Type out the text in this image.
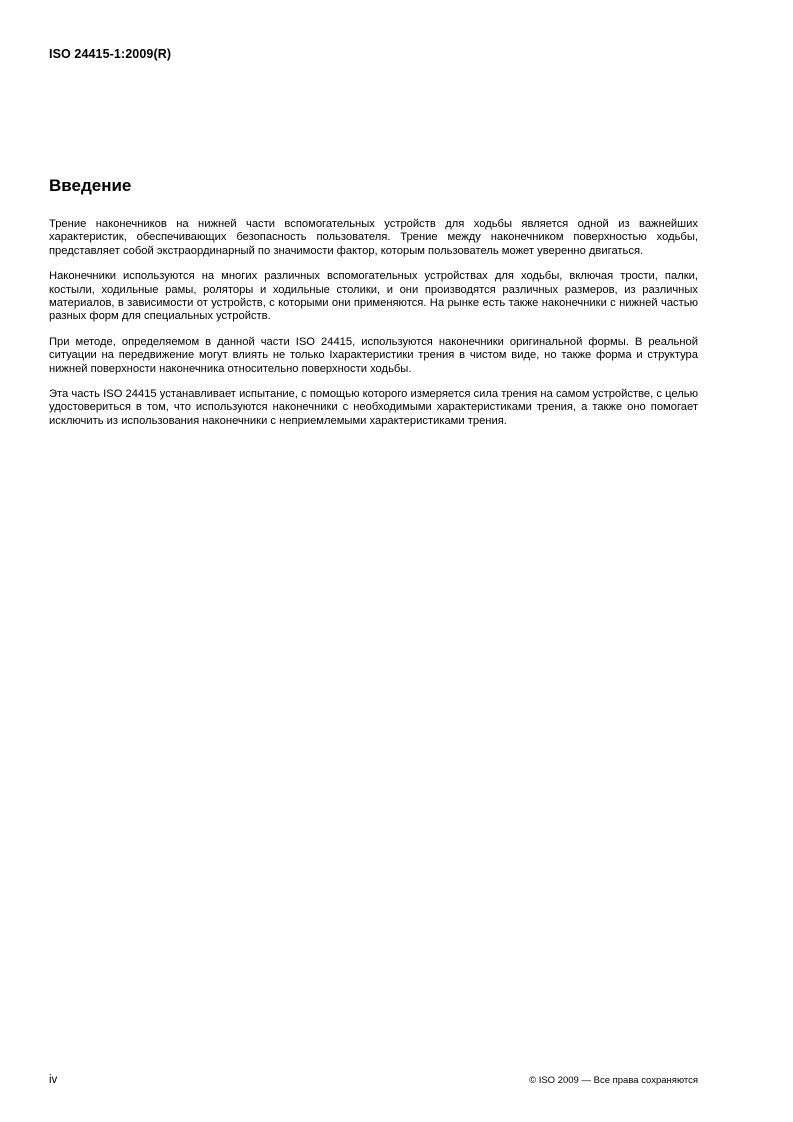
ISO 24415-1:2009(R)
Введение

Трение наконечников на нижней части вспомогательных устройств для ходьбы является одной из важнейших характеристик, обеспечивающих безопасность пользователя. Трение между наконечником поверхностью ходьбы, представляет собой экстраординарный по значимости фактор, которым пользователь может уверенно двигаться.

Наконечники используются на многих различных вспомогательных устройствах для ходьбы, включая трости, палки, костыли, ходильные рамы, роляторы и ходильные столики, и они производятся различных размеров, из различных материалов, в зависимости от устройств, с которыми они применяются. На рынке есть также наконечники с нижней частью разных форм для специальных устройств.

При методе, определяемом в данной части ISO 24415, используются наконечники оригинальной формы. В реальной ситуации на передвижение могут влиять не только Iхарактеристики трения в чистом виде, но также форма и структура нижней поверхности наконечника относительно поверхности ходьбы.

Эта часть ISO 24415 устанавливает испытание, с помощью которого измеряется сила трения на самом устройстве, с целью удостовериться в том, что используются наконечники с необходимыми характеристиками трения, а также оно помогает исключить из использования наконечники с неприемлемыми характеристиками трения.

iv	© ISO 2009 — Все права сохраняются
